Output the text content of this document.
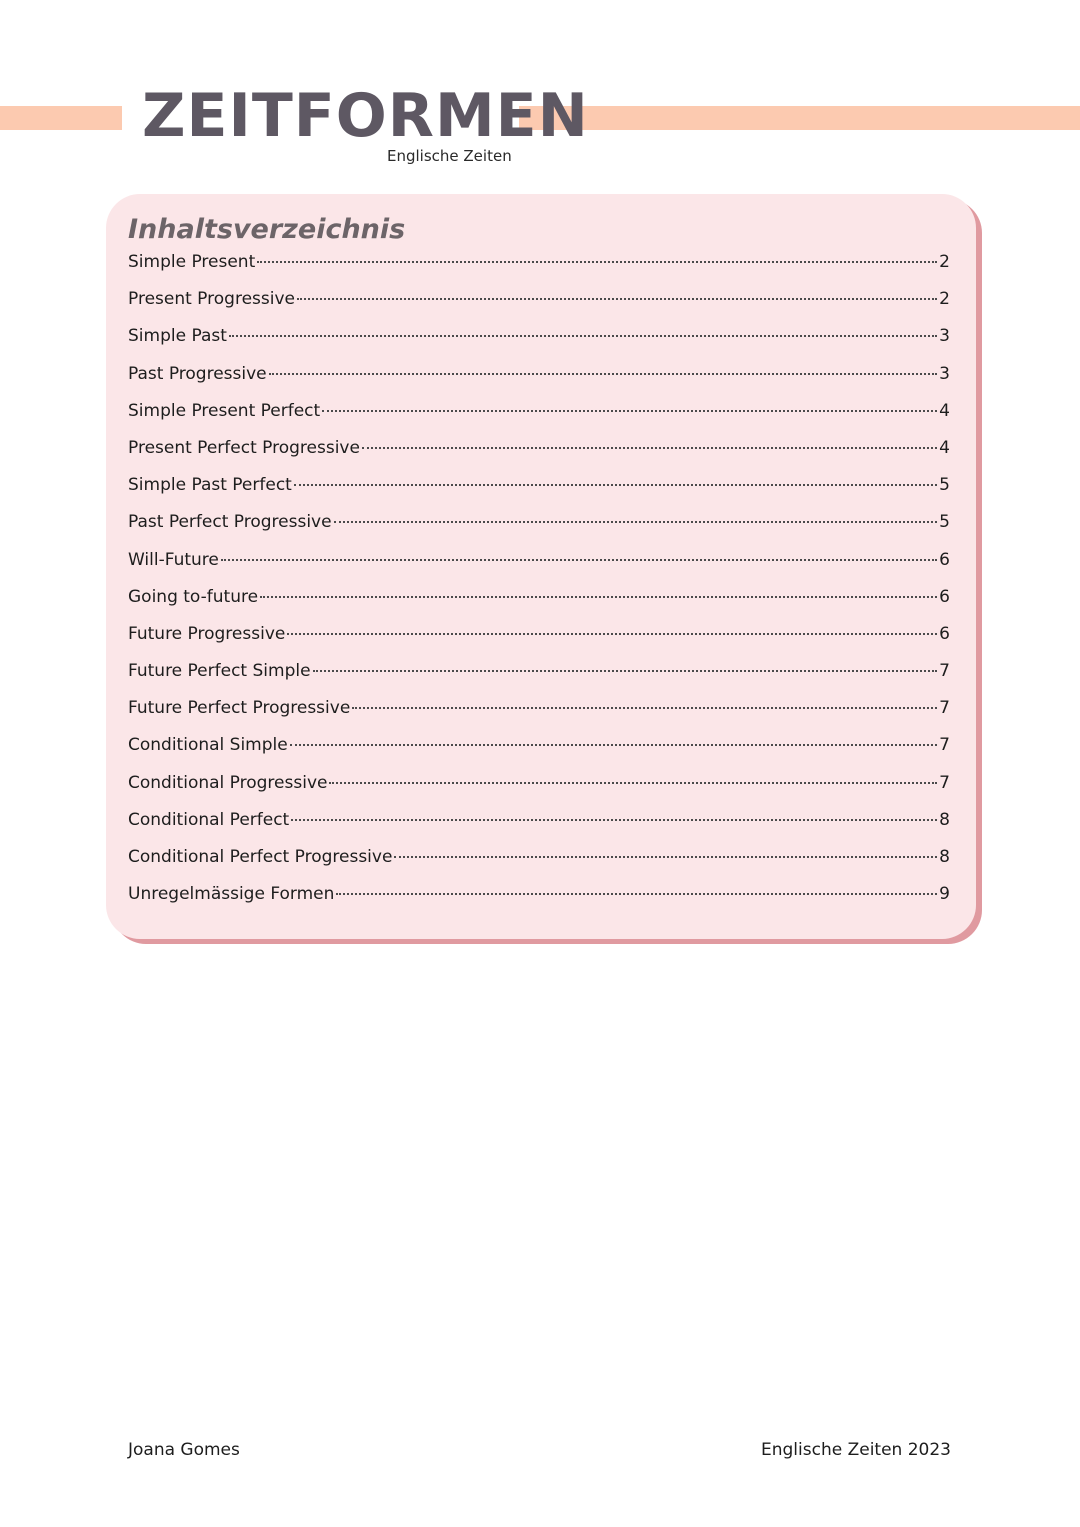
ZEITFORMEN
Englische Zeiten
Inhaltsverzeichnis
Simple Present	2
Present Progressive	2
Simple Past	3
Past Progressive	3
Simple Present Perfect	4
Present Perfect Progressive	4
Simple Past Perfect	5
Past Perfect Progressive	5
Will-Future	6
Going to-future	6
Future Progressive	6
Future Perfect Simple	7
Future Perfect Progressive	7
Conditional Simple	7
Conditional Progressive	7
Conditional Perfect	8
Conditional Perfect Progressive	8
Unregelmässige Formen	9
Joana Gomes	Englische Zeiten 2023
